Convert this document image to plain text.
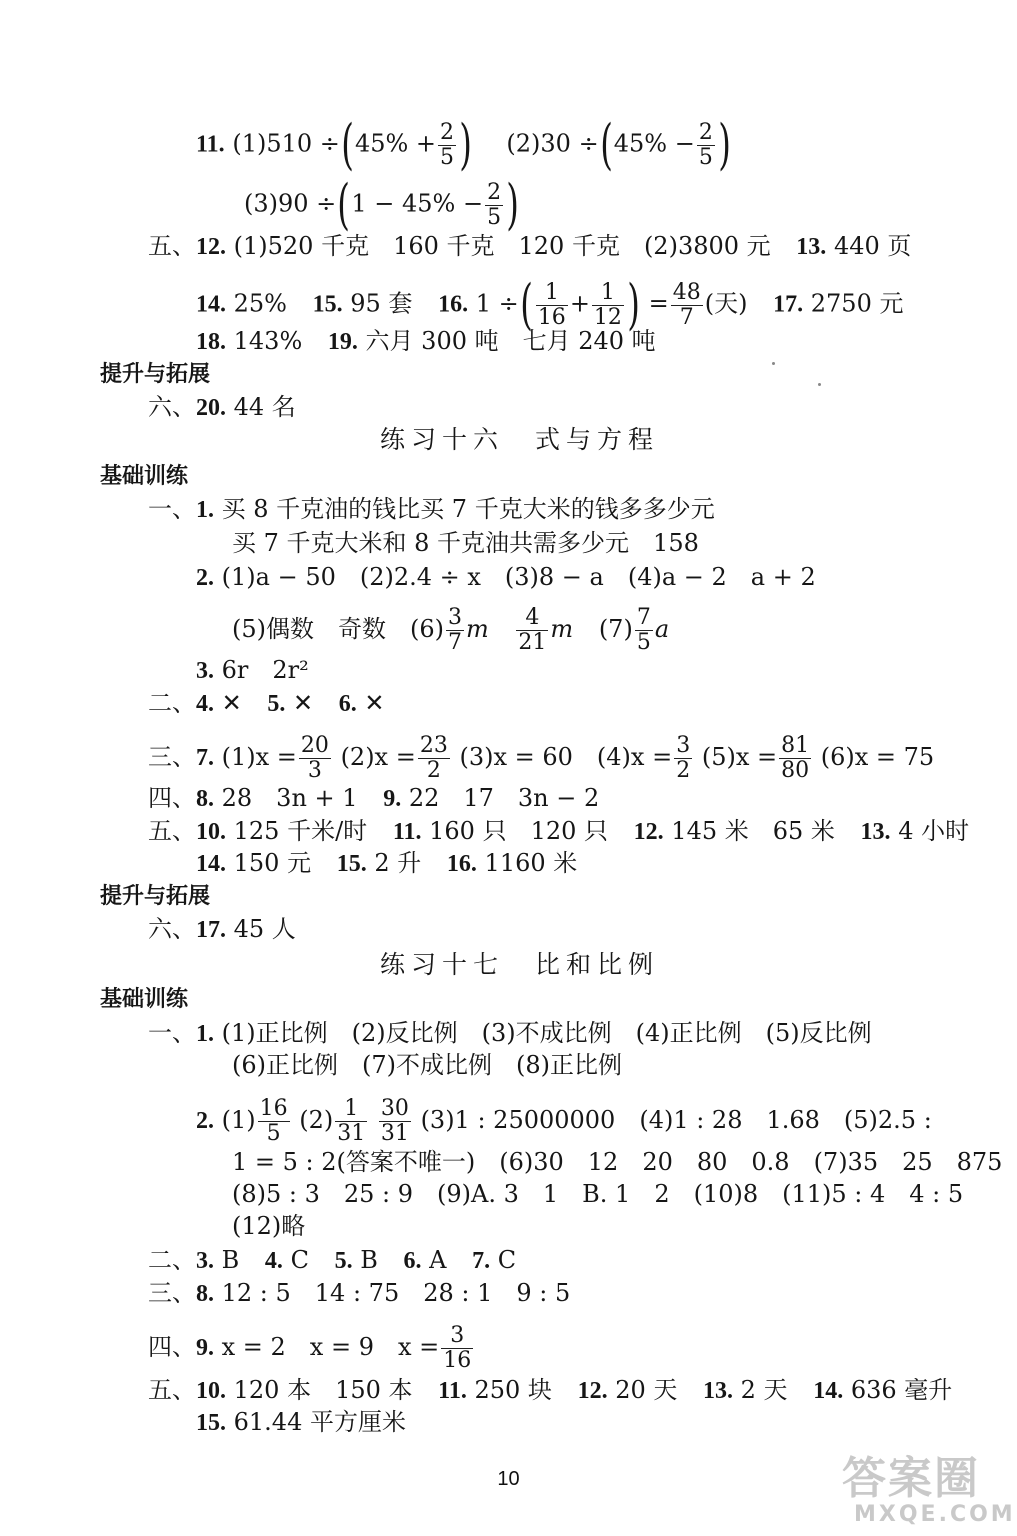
11. $(1)510 \div(45\% + \frac{2}{5}$ ) $(2)30 \div(45\% - \frac{2}{5}$ )
$(3)90 \div(1 - 45\% - \frac{2}{5}$ )
五、12. (1)520 千克　160 千克　120 千克　(2)3800 元 13. 440 页
14. 25% 15. 95 套 16. 1 ÷( $\frac{1}{16} + \frac{1}{12}$ ) = $\frac{48}{7}$ (天) 17. 2750 元
18. 143% 19. 六月 300 吨　七月 240 吨
提升与拓展
六、20. 44 名
练习十六　式与方程
基础训练
一、1. 买 8 千克油的钱比买 7 千克大米的钱多多少元
买 7 千克大米和 8 千克油共需多少元　158
2. (1)a − 50　(2)2.4 ÷ x　(3)8 − a　(4)a − 2　a + 2
(5)偶数　奇数　$(6) \frac{3}{7}$ m $\frac{4}{21}$ m $(7) \frac{7}{5}$ a
3. 6r　2r²
二、4. ✕ 5. ✕ 6. ✕
三、7. $(1)x = \frac{20}{3} (2)x = \frac{23}{2} (3)x = 60$　$(4)x = \frac{3}{2} (5)x = \frac{81}{80} (6)x = 75$
四、8. 28　3n + 1 9. 22　17　3n − 2
五、10. 125 千米/时 11. 160 只　120 只 12. 145 米　65 米 13. 4 小时
14. 150 元 15. 2 升 16. 1160 米
提升与拓展
六、17. 45 人
练习十七　比和比例
基础训练
一、1. (1)正比例　(2)反比例　(3)不成比例　(4)正比例　(5)反比例
(6)正比例　(7)不成比例　(8)正比例
2. $(1) \frac{16}{5} (2) \frac{1}{31}$
$\frac{30}{31} (3)1$ : 25000000　(4)1 : 28　1.68　(5)2.5 :
1 = 5 : 2(答案不唯一)　(6)30　12　20　80　0.8　(7)35　25　875
(8)5 : 3　25 : 9　(9)A. 3　1　B. 1　2　(10)8　(11)5 : 4　4 : 5
(12)略
二、3. B 4. C 5. B 6. A 7. C
三、8. 12 : 5　14 : 75　28 : 1　9 : 5
四、9. x = 2　x = 9　$x = \frac{3}{16}$
五、10. 120 本　150 本 11. 250 块 12. 20 天 13. 2 天 14. 636 毫升
15. 61.44 平方厘米
10	答案圈
MXQE.COM
